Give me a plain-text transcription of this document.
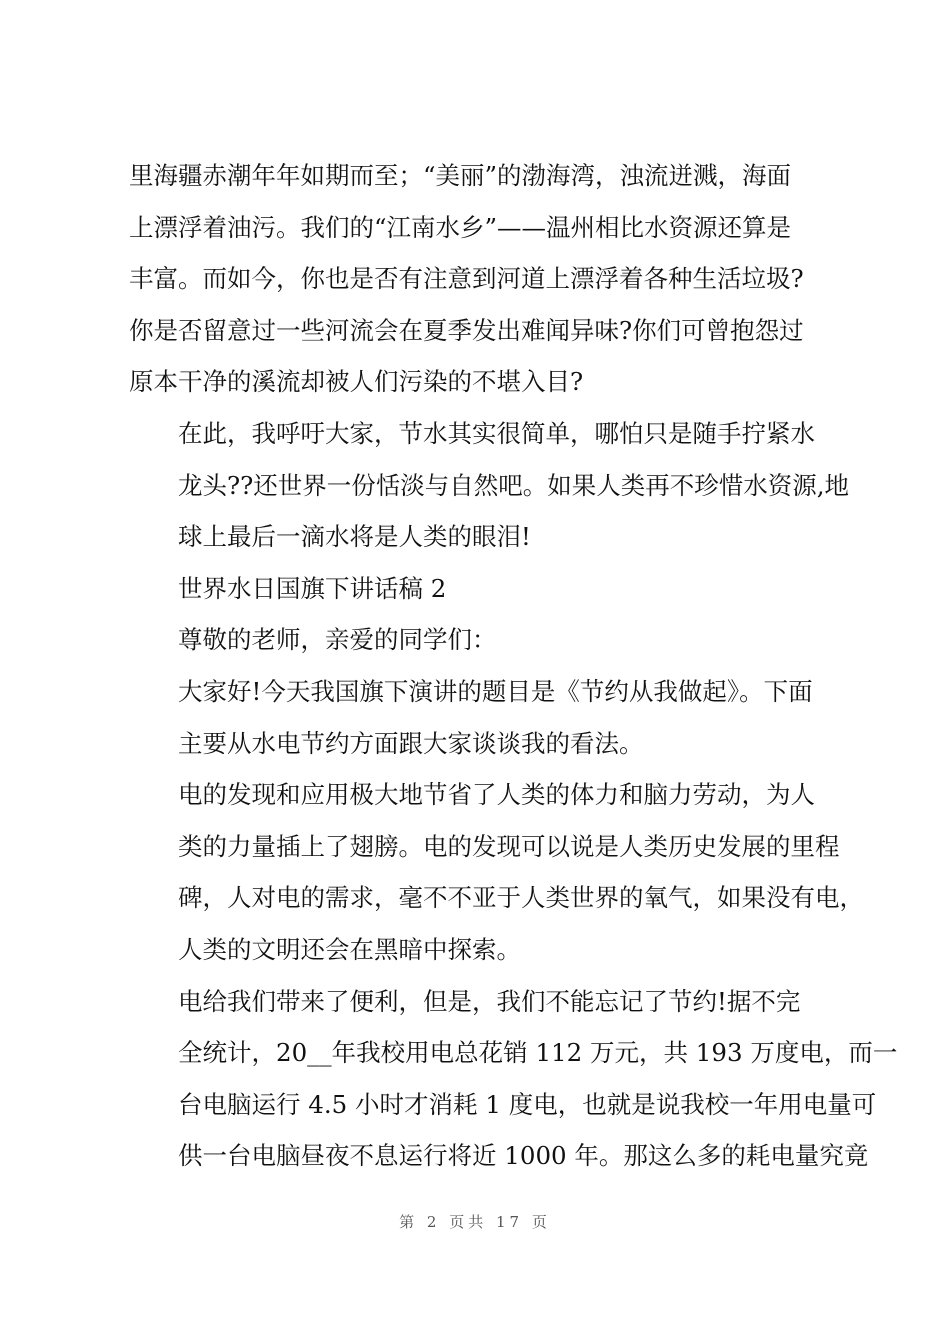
里海疆赤潮年年如期而至；“美丽”的渤海湾，浊流迸溅，海面
上漂浮着油污。我们的“江南水乡”——温州相比水资源还算是
丰富。而如今，你也是否有注意到河道上漂浮着各种生活垃圾?
你是否留意过一些河流会在夏季发出难闻异味?你们可曾抱怨过
原本干净的溪流却被人们污染的不堪入目?

在此，我呼吁大家，节水其实很简单，哪怕只是随手拧紧水
龙头??还世界一份恬淡与自然吧。如果人类再不珍惜水资源,地
球上最后一滴水将是人类的眼泪!

世界水日国旗下讲话稿 2

尊敬的老师，亲爱的同学们：

大家好!今天我国旗下演讲的题目是《节约从我做起》。下面
主要从水电节约方面跟大家谈谈我的看法。

电的发现和应用极大地节省了人类的体力和脑力劳动，为人
类的力量插上了翅膀。电的发现可以说是人类历史发展的里程
碑，人对电的需求，毫不不亚于人类世界的氧气，如果没有电，
人类的文明还会在黑暗中探索。

电给我们带来了便利，但是，我们不能忘记了节约!据不完
全统计，20__年我校用电总花销 112 万元，共 193 万度电，而一
台电脑运行 4.5 小时才消耗 1 度电，也就是说我校一年用电量可
供一台电脑昼夜不息运行将近 1000 年。那这么多的耗电量究竟

第 2 页共 17 页
